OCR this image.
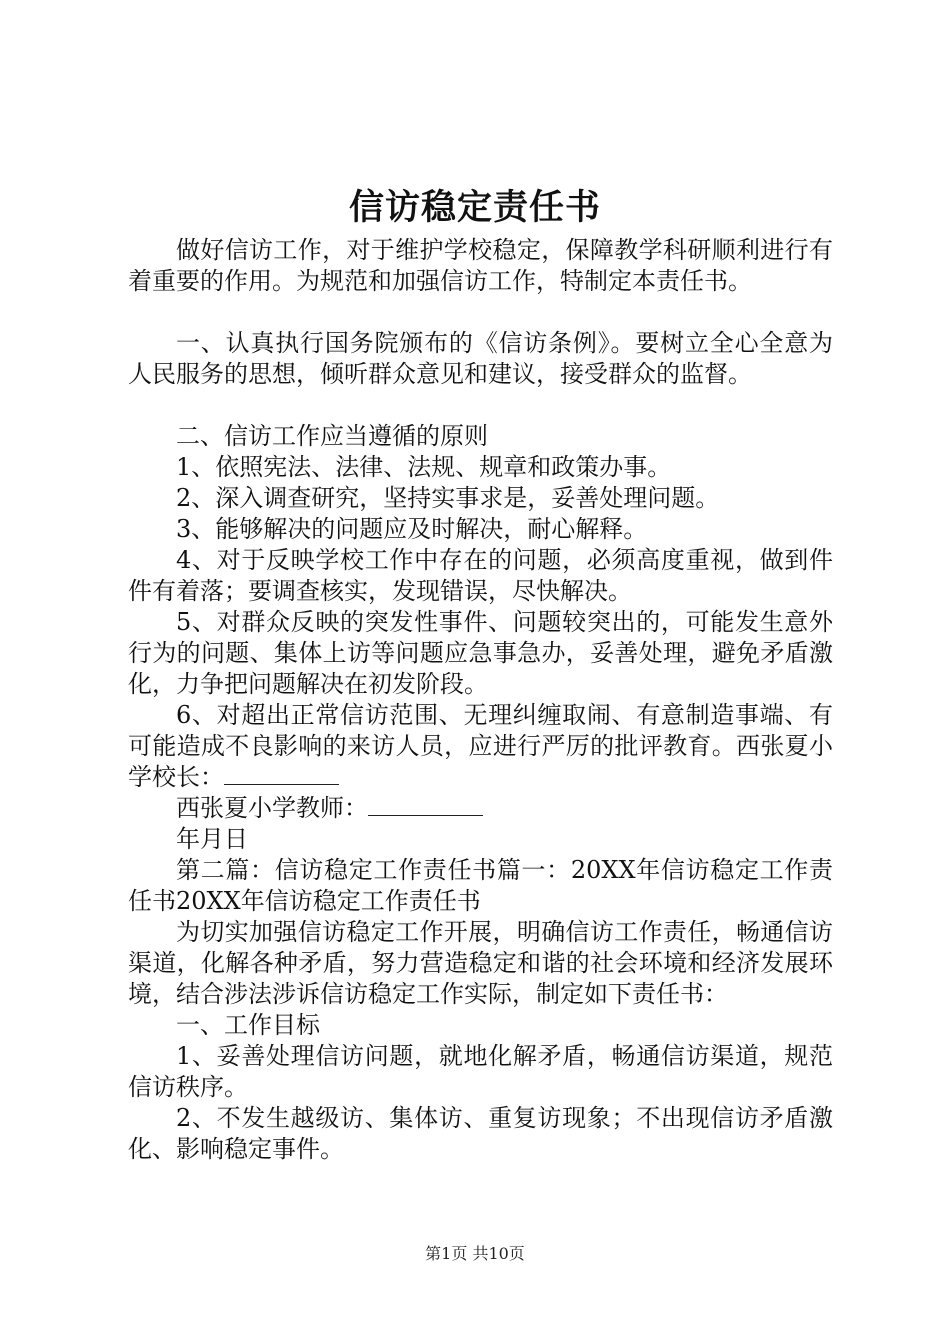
信访稳定责任书

做好信访工作，对于维护学校稳定，保障教学科研顺利进行有着重要的作用。为规范和加强信访工作，特制定本责任书。

一、认真执行国务院颁布的《信访条例》。要树立全心全意为人民服务的思想，倾听群众意见和建议，接受群众的监督。

二、信访工作应当遵循的原则

1、依照宪法、法律、法规、规章和政策办事。

2、深入调查研究，坚持实事求是，妥善处理问题。

3、能够解决的问题应及时解决，耐心解释。

4、对于反映学校工作中存在的问题，必须高度重视，做到件件有着落；要调查核实，发现错误，尽快解决。

5、对群众反映的突发性事件、问题较突出的，可能发生意外行为的问题、集体上访等问题应急事急办，妥善处理，避免矛盾激化，力争把问题解决在初发阶段。

6、对超出正常信访范围、无理纠缠取闹、有意制造事端、有可能造成不良影响的来访人员，应进行严厉的批评教育。西张夏小学校长：

西张夏小学教师：

年月日

第二篇：信访稳定工作责任书篇一：20XX年信访稳定工作责任书20XX年信访稳定工作责任书

为切实加强信访稳定工作开展，明确信访工作责任，畅通信访渠道，化解各种矛盾，努力营造稳定和谐的社会环境和经济发展环境，结合涉法涉诉信访稳定工作实际，制定如下责任书：

一、工作目标

1、妥善处理信访问题，就地化解矛盾，畅通信访渠道，规范信访秩序。

2、不发生越级访、集体访、重复访现象；不出现信访矛盾激化、影响稳定事件。

第1页 共10页
